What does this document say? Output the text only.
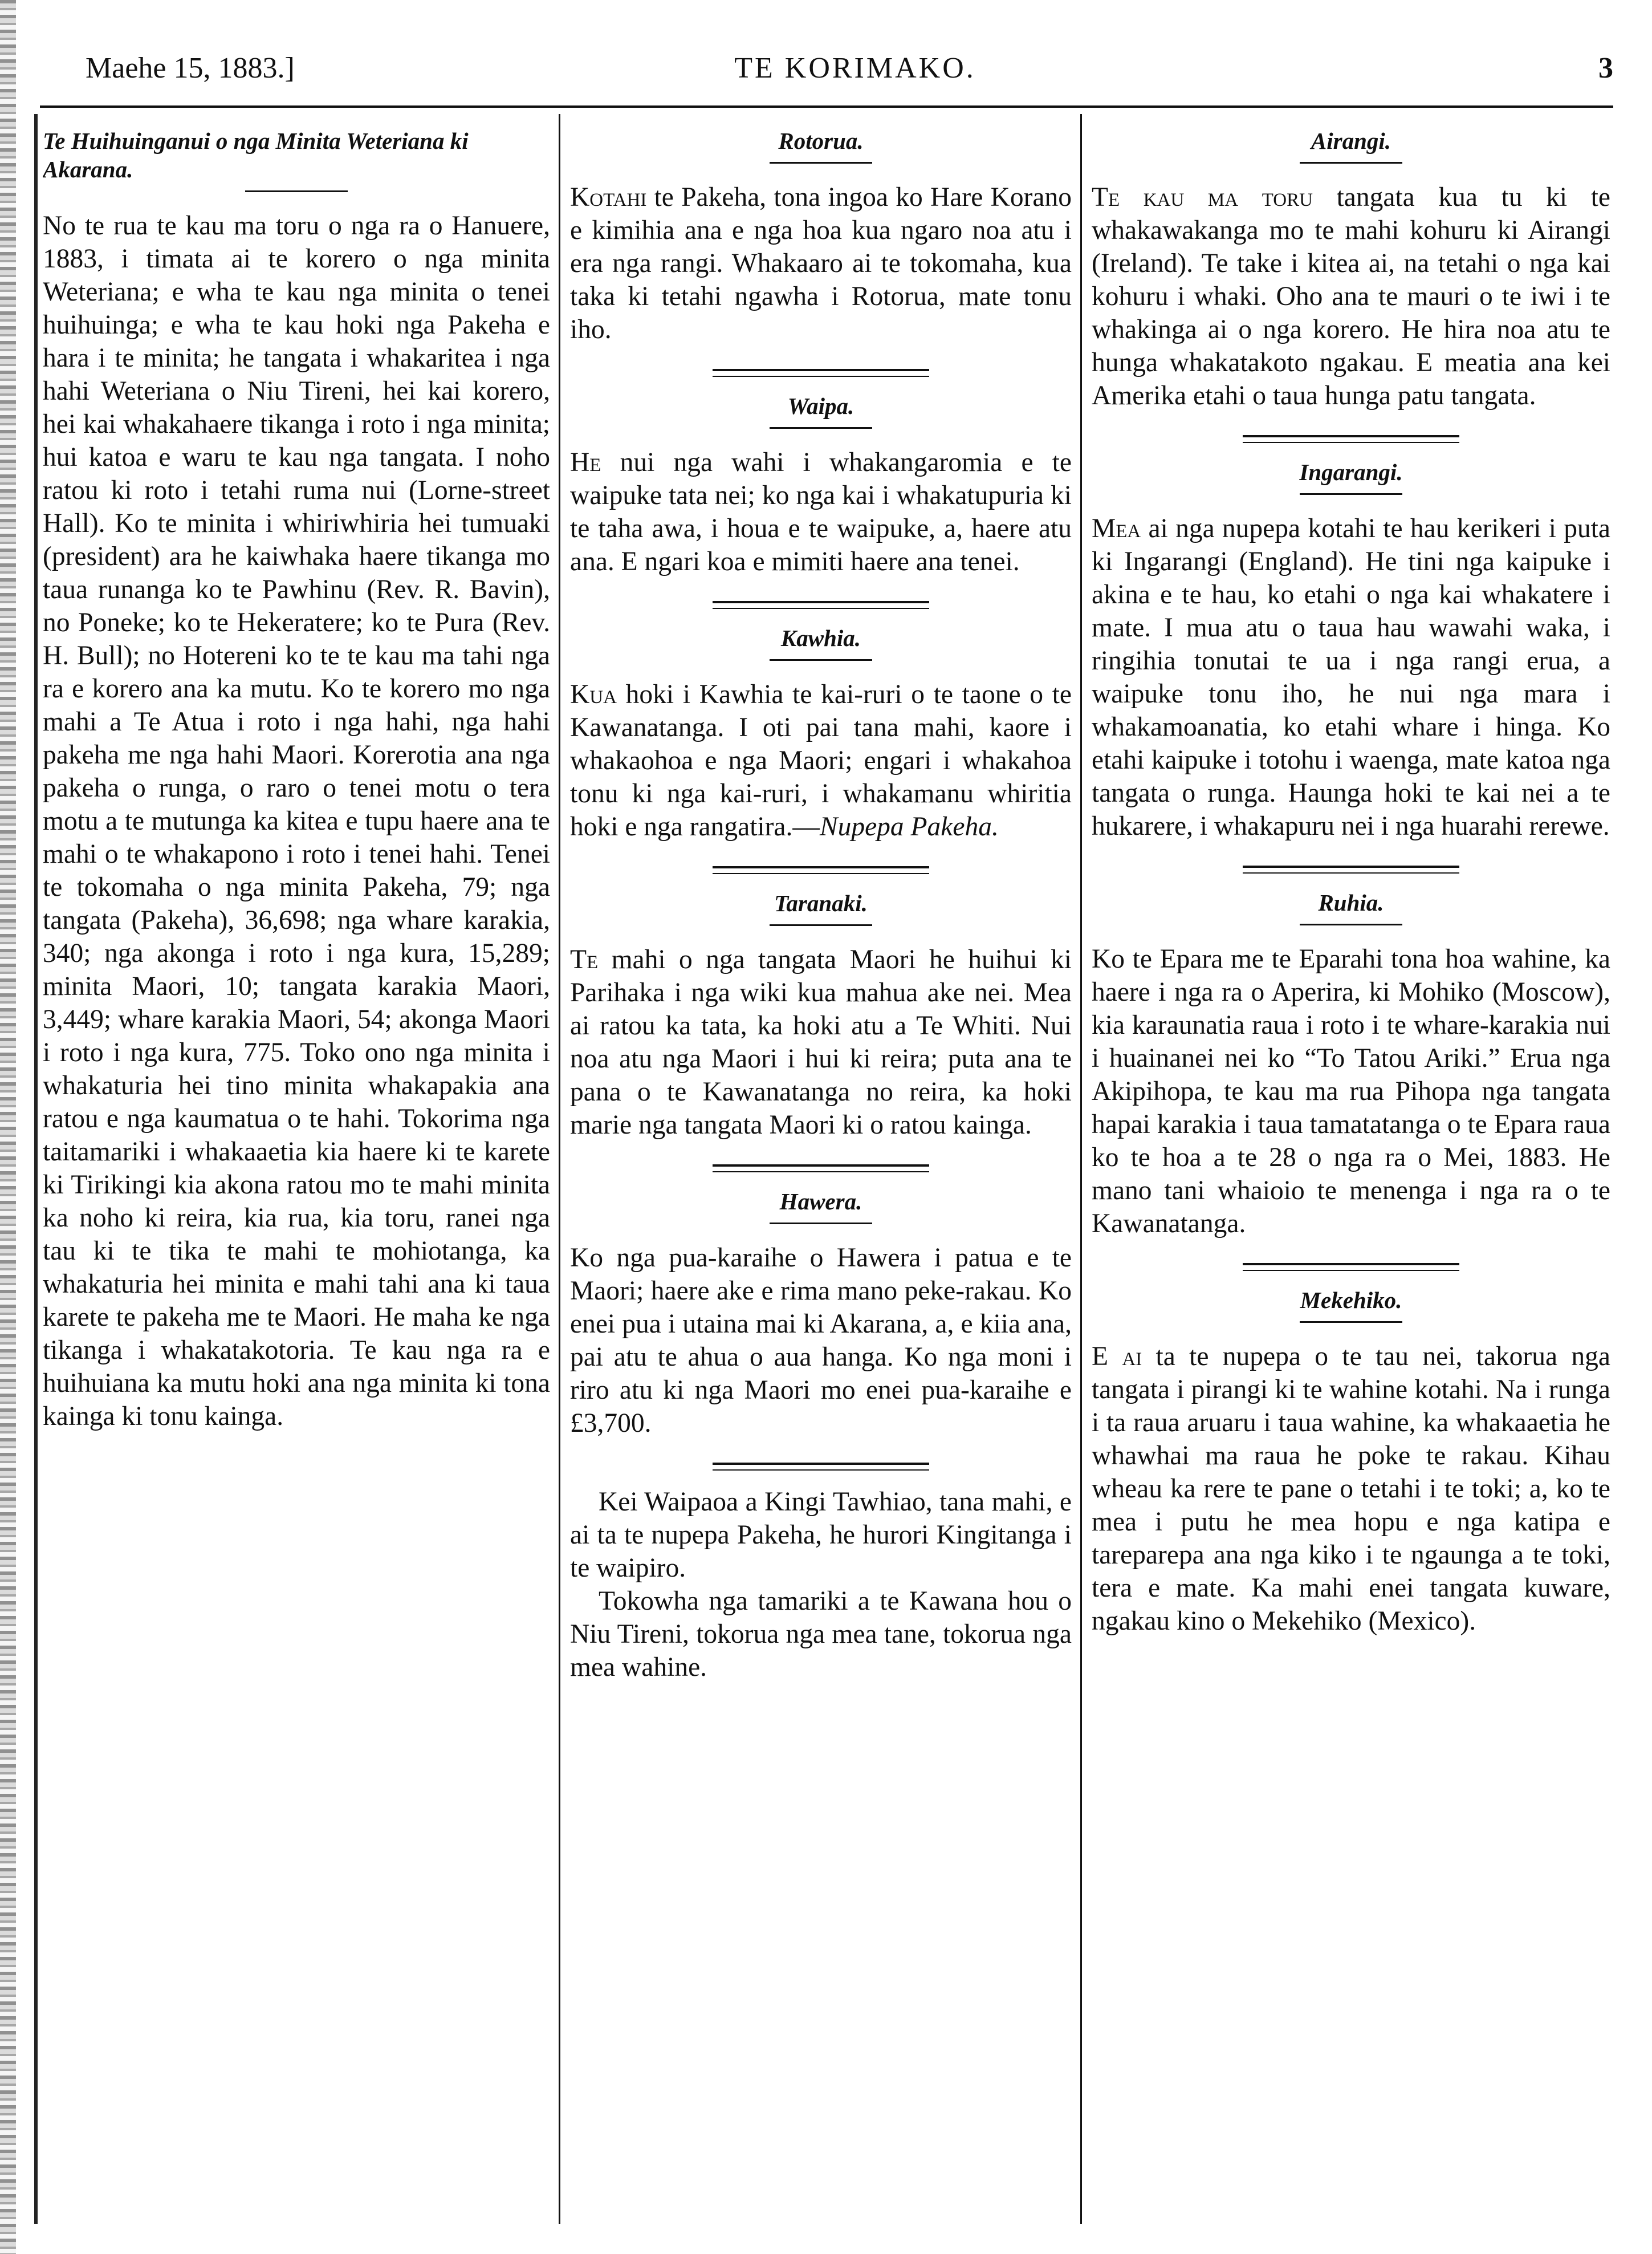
Maehe 15, 1883.]	TE KORIMAKO.	3
Te Huihuinganui o nga Minita Weteriana ki Akarana.

No te rua te kau ma toru o nga ra o Hanuere, 1883, i timata ai te korero o nga minita Weteriana; e wha te kau nga minita o tenei huihuinga; e wha te kau hoki nga Pakeha e hara i te minita; he tangata i whakaritea i nga hahi Weteriana o Niu Tireni, hei kai korero, hei kai whakahaere tikanga i roto i nga minita; hui katoa e waru te kau nga tangata. I noho ratou ki roto i tetahi ruma nui (Lorne-street Hall). Ko te minita i whiriwhiria hei tumuaki (president) ara he kaiwhaka haere tikanga mo taua runanga ko te Pawhinu (Rev. R. Bavin), no Poneke; ko te Hekeratere; ko te Pura (Rev. H. Bull); no Hotereni ko te te kau ma tahi nga ra e korero ana ka mutu. Ko te korero mo nga mahi a Te Atua i roto i nga hahi, nga hahi pakeha me nga hahi Maori. Korerotia ana nga pakeha o runga, o raro o tenei motu o tera motu a te mutunga ka kitea e tupu haere ana te mahi o te whakapono i roto i tenei hahi. Tenei te tokomaha o nga minita Pakeha, 79; nga tangata (Pakeha), 36,698; nga whare karakia, 340; nga akonga i roto i nga kura, 15,289; minita Maori, 10; tangata karakia Maori, 3,449; whare karakia Maori, 54; akonga Maori i roto i nga kura, 775. Toko ono nga minita i whakaturia hei tino minita whakapakia ana ratou e nga kaumatua o te hahi. Tokorima nga taitamariki i whakaaetia kia haere ki te karete ki Tirikingi kia akona ratou mo te mahi minita ka noho ki reira, kia rua, kia toru, ranei nga tau ki te tika te mahi te mohiotanga, ka whakaturia hei minita e mahi tahi ana ki taua karete te pakeha me te Maori. He maha ke nga tikanga i whakatakotoria. Te kau nga ra e huihuiana ka mutu hoki ana nga minita ki tona kainga ki tonu kainga.

Rotorua.

Kotahi te Pakeha, tona ingoa ko Hare Korano e kimihia ana e nga hoa kua ngaro noa atu i era nga rangi. Whakaaro ai te tokomaha, kua taka ki tetahi ngawha i Rotorua, mate tonu iho.

Waipa.

He nui nga wahi i whakangaromia e te waipuke tata nei; ko nga kai i whakatupuria ki te taha awa, i houa e te waipuke, a, haere atu ana. E ngari koa e mimiti haere ana tenei.

Kawhia.

Kua hoki i Kawhia te kai-ruri o te taone o te Kawanatanga. I oti pai tana mahi, kaore i whakaohoa e nga Maori; engari i whakahoa tonu ki nga kai-ruri, i whakamanu whiritia hoki e nga rangatira.—Nupepa Pakeha.

Taranaki.

Te mahi o nga tangata Maori he huihui ki Parihaka i nga wiki kua mahua ake nei. Mea ai ratou ka tata, ka hoki atu a Te Whiti. Nui noa atu nga Maori i hui ki reira; puta ana te pana o te Kawanatanga no reira, ka hoki marie nga tangata Maori ki o ratou kainga.

Hawera.

Ko nga pua-karaihe o Hawera i patua e te Maori; haere ake e rima mano peke-rakau. Ko enei pua i utaina mai ki Akarana, a, e kiia ana, pai atu te ahua o aua hanga. Ko nga moni i riro atu ki nga Maori mo enei pua-karaihe e £3,700.

Kei Waipaoa a Kingi Tawhiao, tana mahi, e ai ta te nupepa Pakeha, he hurori Kingitanga i te waipiro.

Tokowha nga tamariki a te Kawana hou o Niu Tireni, tokorua nga mea tane, tokorua nga mea wahine.

Airangi.

Te kau ma toru tangata kua tu ki te whakawakanga mo te mahi kohuru ki Airangi (Ireland). Te take i kitea ai, na tetahi o nga kai kohuru i whaki. Oho ana te mauri o te iwi i te whakinga ai o nga korero. He hira noa atu te hunga whakatakoto ngakau. E meatia ana kei Amerika etahi o taua hunga patu tangata.

Ingarangi.

Mea ai nga nupepa kotahi te hau kerikeri i puta ki Ingarangi (England). He tini nga kaipuke i akina e te hau, ko etahi o nga kai whakatere i mate. I mua atu o taua hau wawahi waka, i ringihia tonutai te ua i nga rangi erua, a waipuke tonu iho, he nui nga mara i whakamoanatia, ko etahi whare i hinga. Ko etahi kaipuke i totohu i waenga, mate katoa nga tangata o runga. Haunga hoki te kai nei a te hukarere, i whakapuru nei i nga huarahi rerewe.

Ruhia.

Ko te Epara me te Eparahi tona hoa wahine, ka haere i nga ra o Aperira, ki Mohiko (Moscow), kia karaunatia raua i roto i te whare-karakia nui i huainanei nei ko “To Tatou Ariki.” Erua nga Akipihopa, te kau ma rua Pihopa nga tangata hapai karakia i taua tamatatanga o te Epara raua ko te hoa a te 28 o nga ra o Mei, 1883. He mano tani whaioio te menenga i nga ra o te Kawanatanga.

Mekehiko.

E ai ta te nupepa o te tau nei, takorua nga tangata i pirangi ki te wahine kotahi. Na i runga i ta raua aruaru i taua wahine, ka whakaaetia he whawhai ma raua he poke te rakau. Kihau wheau ka rere te pane o tetahi i te toki; a, ko te mea i putu he mea hopu e nga katipa e tareparepa ana nga kiko i te ngaunga a te toki, tera e mate. Ka mahi enei tangata kuware, ngakau kino o Mekehiko (Mexico).
